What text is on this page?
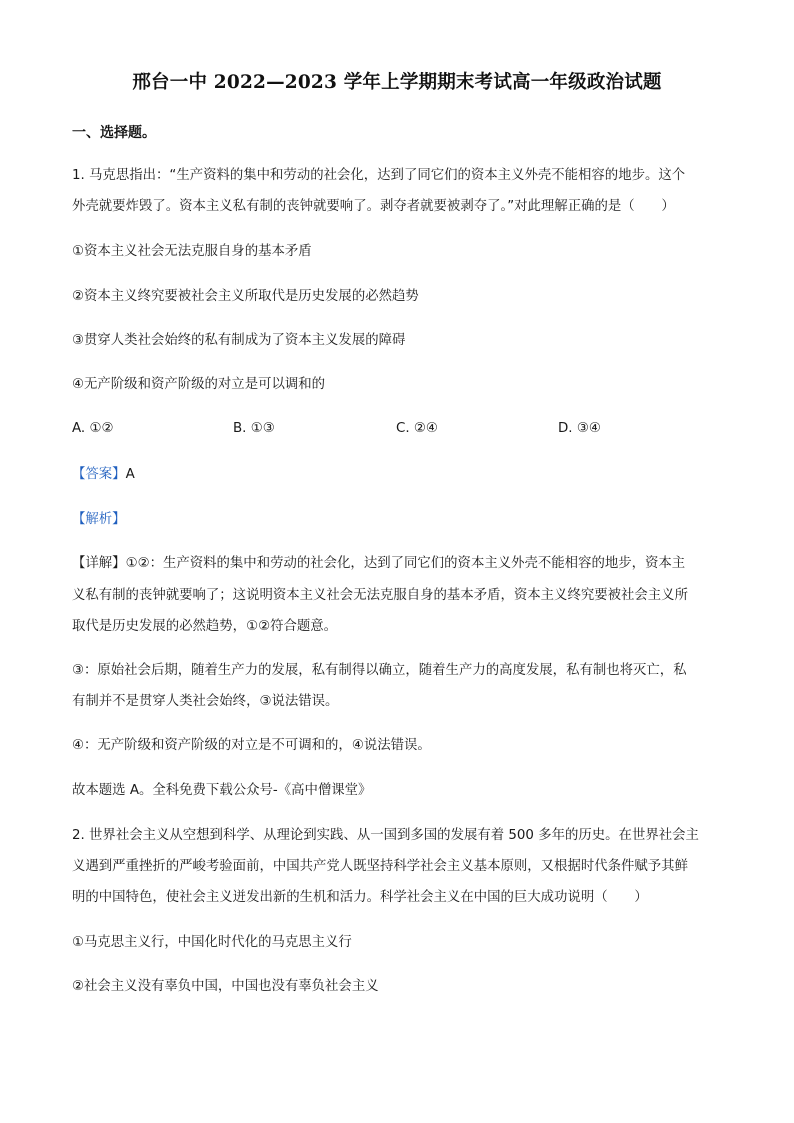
邢台一中 2022—2023 学年上学期期末考试高一年级政治试题
一、选择题。
1. 马克思指出：“生产资料的集中和劳动的社会化，达到了同它们的资本主义外壳不能相容的地步。这个
外壳就要炸毁了。资本主义私有制的丧钟就要响了。剥夺者就要被剥夺了。”对此理解正确的是（　　）
①资本主义社会无法克服自身的基本矛盾
②资本主义终究要被社会主义所取代是历史发展的必然趋势
③贯穿人类社会始终的私有制成为了资本主义发展的障碍
④无产阶级和资产阶级的对立是可以调和的
A. ①②	B. ①③	C. ②④	D. ③④
【答案】A
【解析】
【详解】①②：生产资料的集中和劳动的社会化，达到了同它们的资本主义外壳不能相容的地步，资本主
义私有制的丧钟就要响了；这说明资本主义社会无法克服自身的基本矛盾，资本主义终究要被社会主义所
取代是历史发展的必然趋势，①②符合题意。
③：原始社会后期，随着生产力的发展，私有制得以确立，随着生产力的高度发展，私有制也将灭亡，私
有制并不是贯穿人类社会始终，③说法错误。
④：无产阶级和资产阶级的对立是不可调和的，④说法错误。
故本题选 A。全科免费下载公众号-《高中僧课堂》
2. 世界社会主义从空想到科学、从理论到实践、从一国到多国的发展有着 500 多年的历史。在世界社会主
义遇到严重挫折的严峻考验面前，中国共产党人既坚持科学社会主义基本原则，又根据时代条件赋予其鲜
明的中国特色，使社会主义迸发出新的生机和活力。科学社会主义在中国的巨大成功说明（　　）
①马克思主义行，中国化时代化的马克思主义行
②社会主义没有辜负中国，中国也没有辜负社会主义
